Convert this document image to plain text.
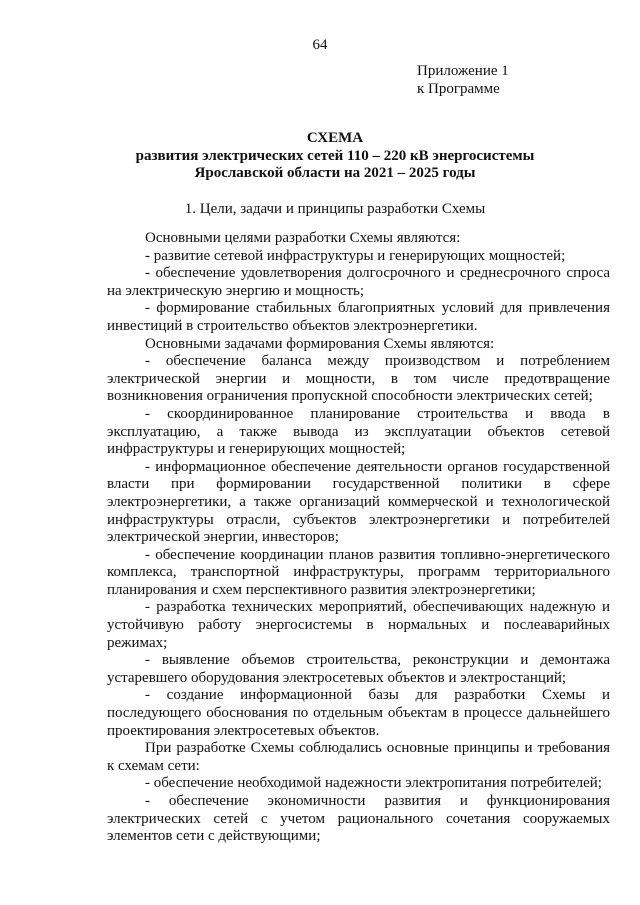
64
Приложение 1
к Программе
СХЕМА
развития электрических сетей 110 – 220 кВ энергосистемы
Ярославской области на 2021 – 2025 годы
1. Цели, задачи и принципы разработки Схемы

Основными целями разработки Схемы являются:

- развитие сетевой инфраструктуры и генерирующих мощностей;

- обеспечение удовлетворения долгосрочного и среднесрочного спроса на электрическую энергию и мощность;

- формирование стабильных благоприятных условий для привлечения инвестиций в строительство объектов электроэнергетики.

Основными задачами формирования Схемы являются:

- обеспечение баланса между производством и потреблением электрической энергии и мощности, в том числе предотвращение возникновения ограничения пропускной способности электрических сетей;

- скоординированное планирование строительства и ввода в эксплуатацию, а также вывода из эксплуатации объектов сетевой инфраструктуры и генерирующих мощностей;

- информационное обеспечение деятельности органов государственной власти при формировании государственной политики в сфере электроэнергетики, а также организаций коммерческой и технологической инфраструктуры отрасли, субъектов электроэнергетики и потребителей электрической энергии, инвесторов;

- обеспечение координации планов развития топливно-энергетического комплекса, транспортной инфраструктуры, программ территориального планирования и схем перспективного развития электроэнергетики;

- разработка технических мероприятий, обеспечивающих надежную и устойчивую работу энергосистемы в нормальных и послеаварийных режимах;

- выявление объемов строительства, реконструкции и демонтажа устаревшего оборудования электросетевых объектов и электростанций;

- создание информационной базы для разработки Схемы и последующего обоснования по отдельным объектам в процессе дальнейшего проектирования электросетевых объектов.

При разработке Схемы соблюдались основные принципы и требования к схемам сети:

- обеспечение необходимой надежности электропитания потребителей;

- обеспечение экономичности развития и функционирования электрических сетей с учетом рационального сочетания сооружаемых элементов сети с действующими;
